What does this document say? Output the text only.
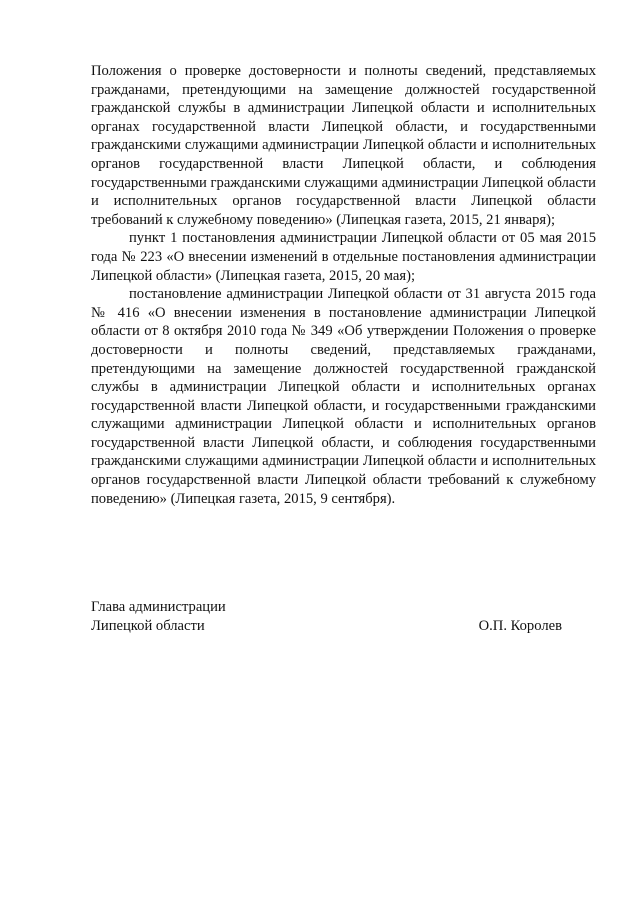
Положения о проверке достоверности и полноты сведений, представляемых гражданами, претендующими на замещение должностей государственной гражданской службы в администрации Липецкой области и исполнительных органах государственной власти Липецкой области, и государственными гражданскими служащими администрации Липецкой области и исполнительных органов государственной власти Липецкой области, и соблюдения государственными гражданскими служащими администрации Липецкой области и исполнительных органов государственной власти Липецкой области требований к служебному поведению» (Липецкая газета, 2015, 21 января);

пункт 1 постановления администрации Липецкой области от 05 мая 2015 года № 223 «О внесении изменений в отдельные постановления администрации Липецкой области» (Липецкая газета, 2015, 20 мая);

постановление администрации Липецкой области от 31 августа 2015 года № 416 «О внесении изменения в постановление администрации Липецкой области от 8 октября 2010 года № 349 «Об утверждении Положения о проверке достоверности и полноты сведений, представляемых гражданами, претендующими на замещение должностей государственной гражданской службы в администрации Липецкой области и исполнительных органах государственной власти Липецкой области, и государственными гражданскими служащими администрации Липецкой области и исполнительных органов государственной власти Липецкой области, и соблюдения государственными гражданскими служащими администрации Липецкой области и исполнительных органов государственной власти Липецкой области требований к служебному поведению» (Липецкая газета, 2015, 9 сентября).

Глава администрации
Липецкой области	О.П. Королев
